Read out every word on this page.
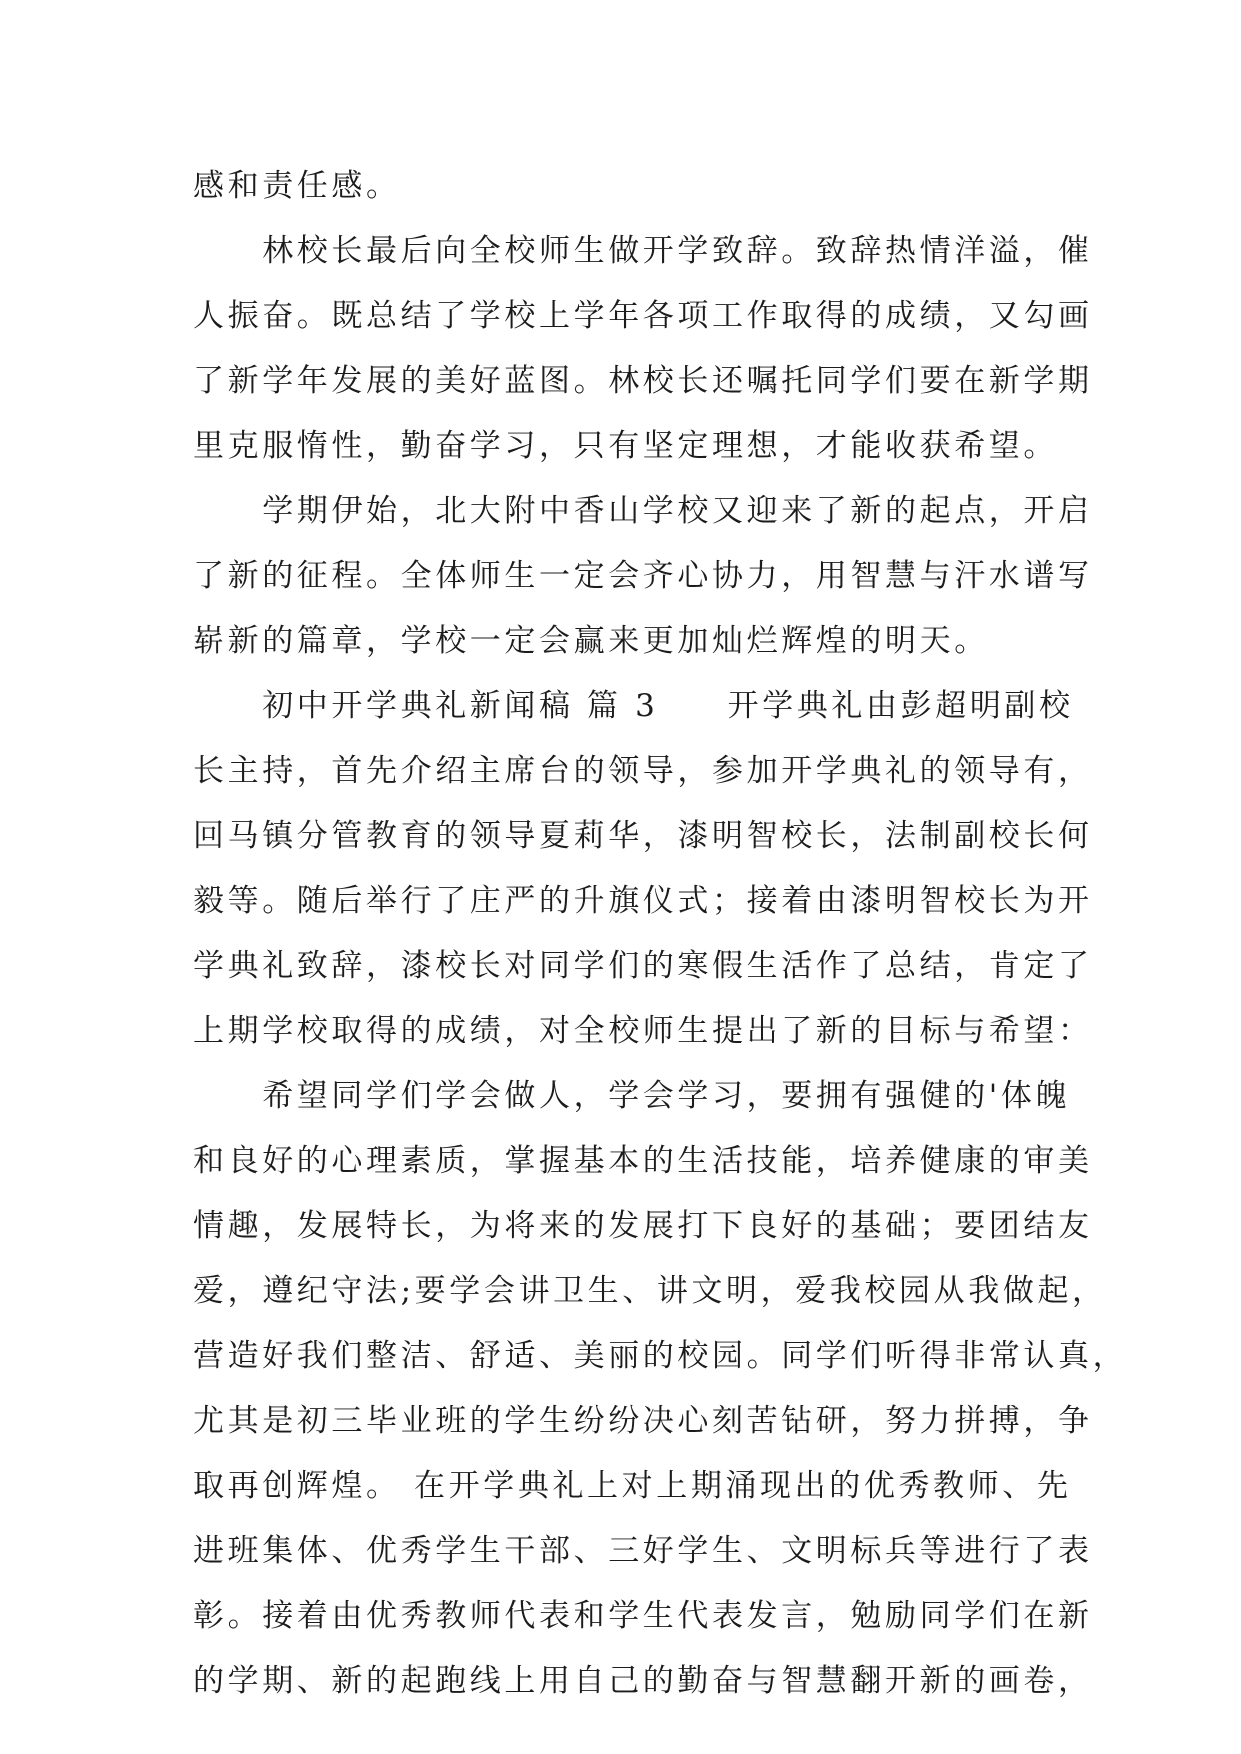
感和责任感。
　　林校长最后向全校师生做开学致辞。致辞热情洋溢，催
人振奋。既总结了学校上学年各项工作取得的成绩，又勾画
了新学年发展的美好蓝图。林校长还嘱托同学们要在新学期
里克服惰性，勤奋学习，只有坚定理想，才能收获希望。
　　学期伊始，北大附中香山学校又迎来了新的起点，开启
了新的征程。全体师生一定会齐心协力，用智慧与汗水谱写
崭新的篇章，学校一定会赢来更加灿烂辉煌的明天。
　　初中开学典礼新闻稿 篇 3　　开学典礼由彭超明副校
长主持，首先介绍主席台的领导，参加开学典礼的领导有，
回马镇分管教育的领导夏莉华，漆明智校长，法制副校长何
毅等。随后举行了庄严的升旗仪式；接着由漆明智校长为开
学典礼致辞，漆校长对同学们的寒假生活作了总结，肯定了
上期学校取得的成绩，对全校师生提出了新的目标与希望：
　　希望同学们学会做人，学会学习，要拥有强健的'体魄
和良好的心理素质，掌握基本的生活技能，培养健康的审美
情趣，发展特长，为将来的发展打下良好的基础；要团结友
爱，遵纪守法;要学会讲卫生、讲文明，爱我校园从我做起，
营造好我们整洁、舒适、美丽的校园。同学们听得非常认真，
尤其是初三毕业班的学生纷纷决心刻苦钻研，努力拼搏，争
取再创辉煌。 在开学典礼上对上期涌现出的优秀教师、先
进班集体、优秀学生干部、三好学生、文明标兵等进行了表
彰。接着由优秀教师代表和学生代表发言，勉励同学们在新
的学期、新的起跑线上用自己的勤奋与智慧翻开新的画卷，
